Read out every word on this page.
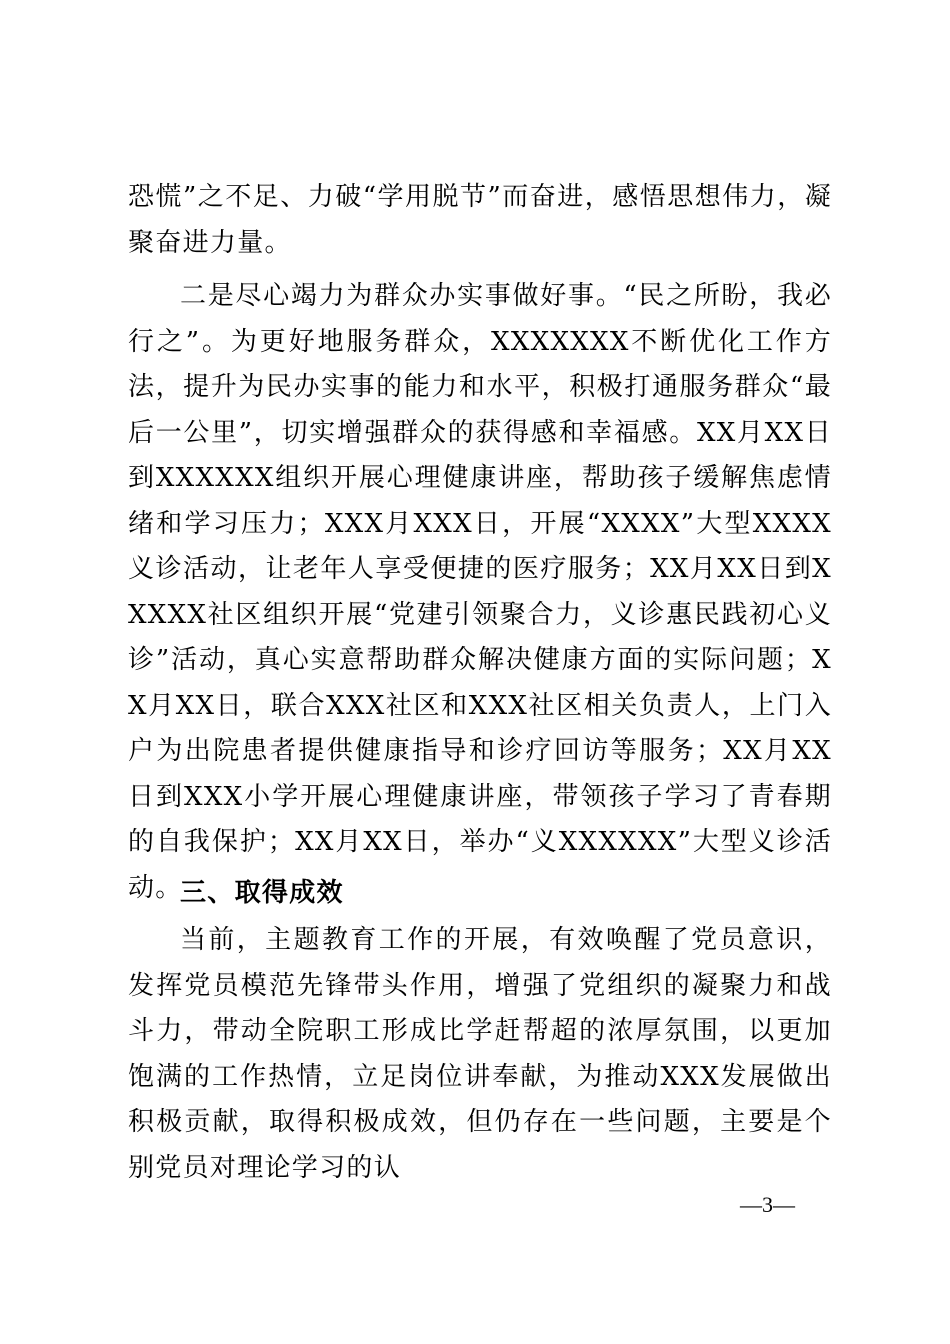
恐慌”之不足、力破“学用脱节”而奋进，感悟思想伟力，凝聚奋进力量。
二是尽心竭力为群众办实事做好事。“民之所盼，我必行之”。为更好地服务群众，XXXXXXX不断优化工作方法，提升为民办实事的能力和水平，积极打通服务群众“最后一公里”，切实增强群众的获得感和幸福感。XX月XX日到XXXXXX组织开展心理健康讲座，帮助孩子缓解焦虑情绪和学习压力；XXX月XXX日，开展“XXXX”大型XXXX义诊活动，让老年人享受便捷的医疗服务；XX月XX日到XXXXX社区组织开展“党建引领聚合力，义诊惠民践初心义诊”活动，真心实意帮助群众解决健康方面的实际问题；XX月XX日，联合XXX社区和XXX社区相关负责人，上门入户为出院患者提供健康指导和诊疗回访等服务；XX月XX日到XXX小学开展心理健康讲座，带领孩子学习了青春期的自我保护；XX月XX日，举办“义XXXXXX”大型义诊活动。
三、取得成效
当前，主题教育工作的开展，有效唤醒了党员意识，发挥党员模范先锋带头作用，增强了党组织的凝聚力和战斗力，带动全院职工形成比学赶帮超的浓厚氛围，以更加饱满的工作热情，立足岗位讲奉献，为推动XXX发展做出积极贡献，取得积极成效，但仍存在一些问题，主要是个别党员对理论学习的认
—3—
